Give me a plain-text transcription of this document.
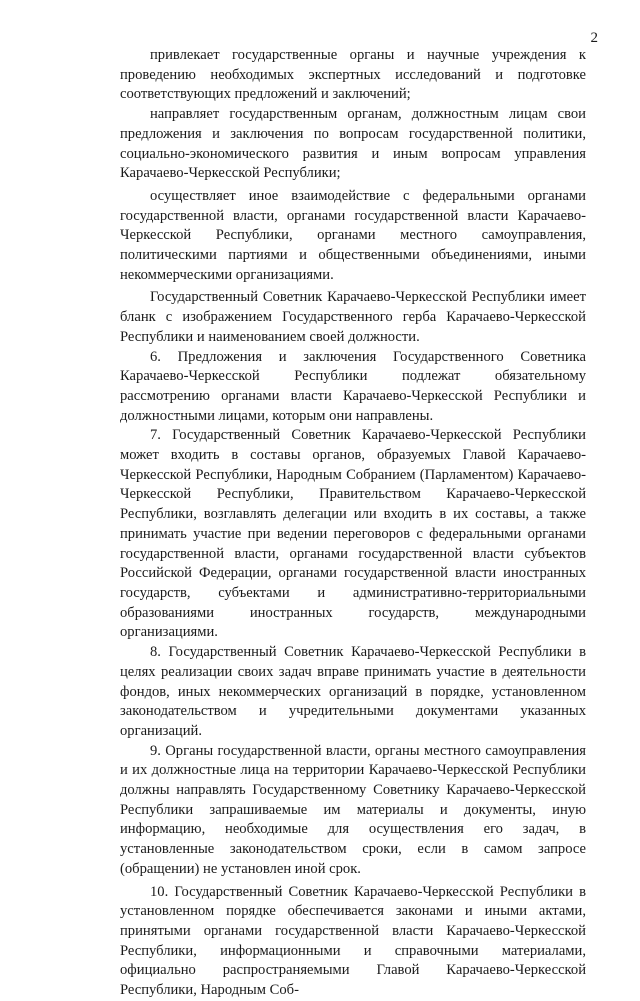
2

привлекает государственные органы и научные учреждения к проведению необходимых экспертных исследований и подготовке соответствующих предложений и заключений;

направляет государственным органам, должностным лицам свои предложения и заключения по вопросам государственной политики, социально-экономического развития и иным вопросам управления Карачаево-Черкесской Республики;

осуществляет иное взаимодействие с федеральными органами государственной власти, органами государственной власти Карачаево-Черкесской Республики, органами местного самоуправления, политическими партиями и общественными объединениями, иными некоммерческими организациями.

Государственный Советник Карачаево-Черкесской Республики имеет бланк с изображением Государственного герба Карачаево-Черкесской Республики и наименованием своей должности.

6. Предложения и заключения Государственного Советника Карачаево-Черкесской Республики подлежат обязательному рассмотрению органами власти Карачаево-Черкесской Республики и должностными лицами, которым они направлены.

7. Государственный Советник Карачаево-Черкесской Республики может входить в составы органов, образуемых Главой Карачаево-Черкесской Республики, Народным Собранием (Парламентом) Карачаево-Черкесской Республики, Правительством Карачаево-Черкесской Республики, возглавлять делегации или входить в их составы, а также принимать участие при ведении переговоров с федеральными органами государственной власти, органами государственной власти субъектов Российской Федерации, органами государственной власти иностранных государств, субъектами и административно-территориальными образованиями иностранных государств, международными организациями.

8. Государственный Советник Карачаево-Черкесской Республики в целях реализации своих задач вправе принимать участие в деятельности фондов, иных некоммерческих организаций в порядке, установленном законодательством и учредительными документами указанных организаций.

9. Органы государственной власти, органы местного самоуправления и их должностные лица на территории Карачаево-Черкесской Республики должны направлять Государственному Советнику Карачаево-Черкесской Республики запрашиваемые им материалы и документы, иную информацию, необходимые для осуществления его задач, в установленные законодательством сроки, если в самом запросе (обращении) не установлен иной срок.

10. Государственный Советник Карачаево-Черкесской Республики в установленном порядке обеспечивается законами и иными актами, принятыми органами государственной власти Карачаево-Черкесской Республики, информационными и справочными материалами, официально распространяемыми Главой Карачаево-Черкесской Республики, Народным Соб-
